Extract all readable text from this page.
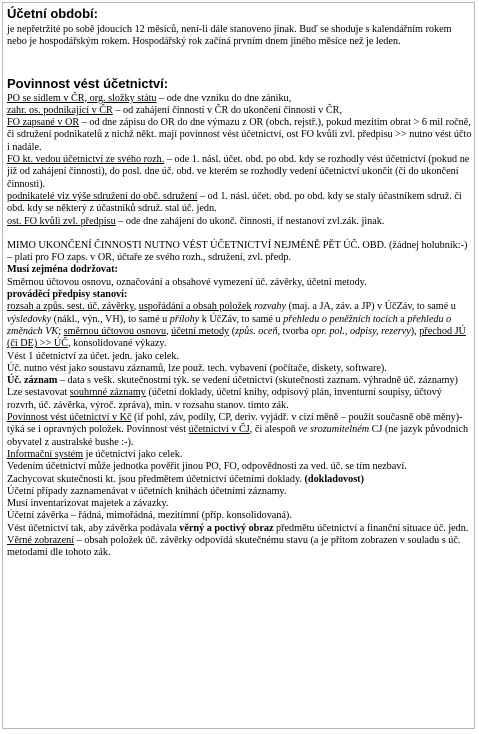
Účetní období:

je nepřetržité po sobě jdoucích 12 měsíců, není-li dále stanoveno jinak. Buď se shoduje s kalendářním rokem nebo je hospodářským rokem. Hospodářský rok začíná prvním dnem jiného měsíce než je leden.

Povinnost vést účetnictví:

PO se sídlem v ČR, org. složky státu – ode dne vzniku do dne zániku,

zahr. os. podnikající v ČR – od zahájení činnosti v ČR do ukončení činnosti v ČR,

FO zapsané v OR – od dne zápisu do OR do dne výmazu z OR (obch. rejstř.), pokud mezitím obrat > 6 mil ročně, či sdružení podnikatelů z nichž někt. mají povinnost vést účetnictví, ost FO kvůli zvl. předpisu >> nutno vést účto i nadále.

FO kt. vedou účetnictví ze svého rozh. – ode 1. násl. účet. obd. po obd. kdy se rozhodly vést účetnictví (pokud ne již od zahájení činnosti), do posl. dne úč. obd. ve kterém se rozhodly vedení účetnictví ukončit (či do ukončení činnosti).

podnikatelé viz výše sdružení do obč. sdružení – od 1. násl. účet. obd. po obd. kdy se staly účastníkem sdruž. či obd. kdy se některý z účastníků sdruž. stal úč. jedn.

ost. FO kvůli zvl. předpisu – ode dne zahájení do ukonč. činnosti, if nestanoví zvl.zák. jinak.

MIMO UKONČENÍ ČINNOSTI NUTNO VÉST ÚČETNICTVÍ NEJMÉNĚ PĚT ÚČ. OBD. (žádnej holubník:-) – platí pro FO zaps. v OR, účtaře ze svého rozh., sdružení, zvl. předp.

Musí zejména dodržovat:

Směrnou účtovou osnovu, označování a obsahové vymezení úč. závěrky, účetní metody.

prováděcí předpisy stanoví:

rozsah a způs. sest. úč. závěrky, uspořádání a obsah položek rozvahy (maj. a JA, záv. a JP) v ÚčZáv, to samé u výsledovky (nákl., výn., VH), to samé u přílohy k ÚčZáv, to samé u přehledu o peněžních tocích a přehledu o změnách VK; směrnou účtovou osnovu, účetní metody (způs. oceň, tvorba opr. pol., odpisy, rezervy), přechod JÚ (či DE) >> ÚČ, konsolidované výkazy.

Vést 1 účetnictví za účet. jedn. jako celek.

Úč. nutno vést jako soustavu záznamů, lze použ. tech. vybavení (počítače, diskety, software).

Úč. záznam – data s vešk. skutečnostmi týk. se vedení účetnictví (skutečnosti zaznam. výhradně úč. záznamy)

Lze sestavovat souhrnné záznamy (účetní doklady, účetní knihy, odpisový plán, inventurní soupisy, účtový rozvrh, úč. závěrka, výroč. zpráva), min. v rozsahu stanov. tímto zák.

Povinnost vést účetnictví v Kč (if pohl, záv, podíly, CP, deriv. vyjádř. v cizí měně – použít současně obě měny)-týká se i opravných položek. Povinnost vést účetnictví v ČJ, či alespoň ve srozumitelném CJ (ne jazyk původních obyvatel z australské bushe :-).

Informační systém je účetnictví jako celek.

Vedením účetnictví může jednotka pověřit jinou PO, FO, odpovědnosti za ved. úč. se tím nezbaví.

Zachycovat skutečnosti kt. jsou předmětem účetnictví účetními doklady. (dokladovost)

Účetní případy zaznamenávat v účetních knihách účetními záznamy.

Musí inventarizovat majetek a závazky.

Účetní závěrka – řádná, mimořádná, mezitímní (příp. konsolidovaná).

Vést účetnictví tak, aby závěrka podávala věrný a poctivý obraz předmětu účetnictví a finanční situace úč. jedn.

Věrné zobrazení – obsah položek úč. závěrky odpovídá skutečnému stavu (a je přitom zobrazen v souladu s úč. metodami dle tohoto zák.
